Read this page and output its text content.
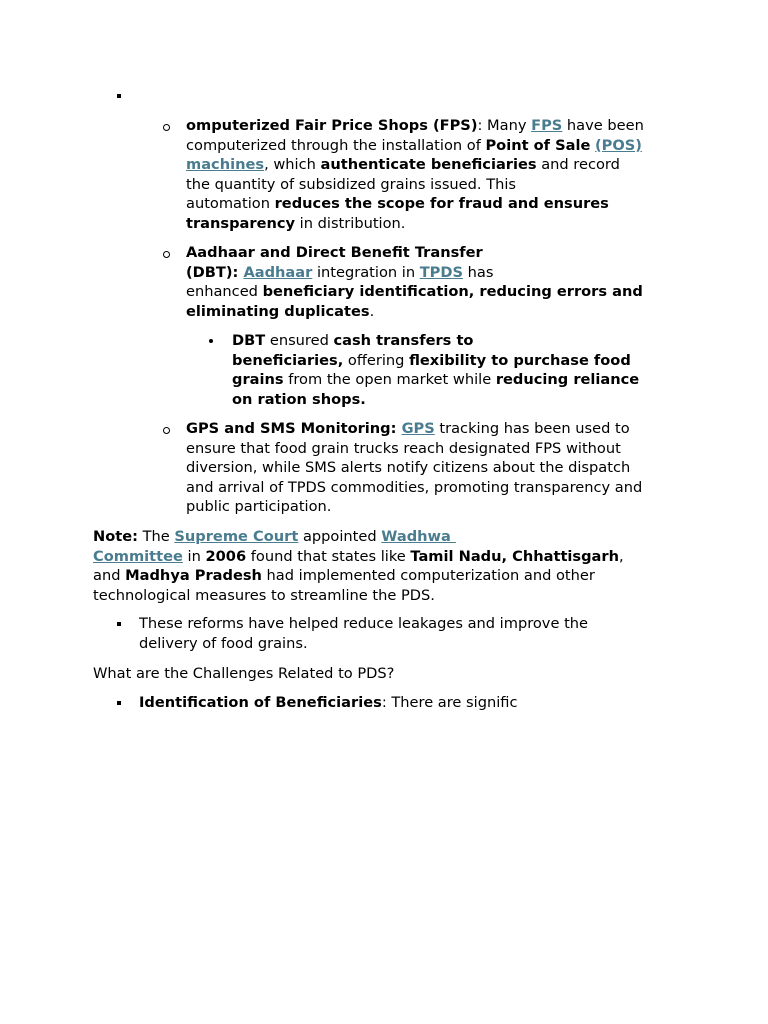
omputerized Fair Price Shops (FPS): Many FPS have been
computerized through the installation of Point of Sale (POS)
machines, which authenticate beneficiaries and record
the quantity of subsidized grains issued. This
automation reduces the scope for fraud and ensures
transparency in distribution.
Aadhaar and Direct Benefit Transfer
(DBT): Aadhaar integration in TPDS has
enhanced beneficiary identification, reducing errors and
eliminating duplicates.
DBT ensured cash transfers to
beneficiaries, offering flexibility to purchase food
grains from the open market while reducing reliance
on ration shops.
GPS and SMS Monitoring: GPS tracking has been used to
ensure that food grain trucks reach designated FPS without
diversion, while SMS alerts notify citizens about the dispatch
and arrival of TPDS commodities, promoting transparency and
public participation.
Note: The Supreme Court appointed Wadhwa
Committee in 2006 found that states like Tamil Nadu, Chhattisgarh,
and Madhya Pradesh had implemented computerization and other
technological measures to streamline the PDS.
These reforms have helped reduce leakages and improve the
delivery of food grains.
What are the Challenges Related to PDS?
Identification of Beneficiaries: There are signific
